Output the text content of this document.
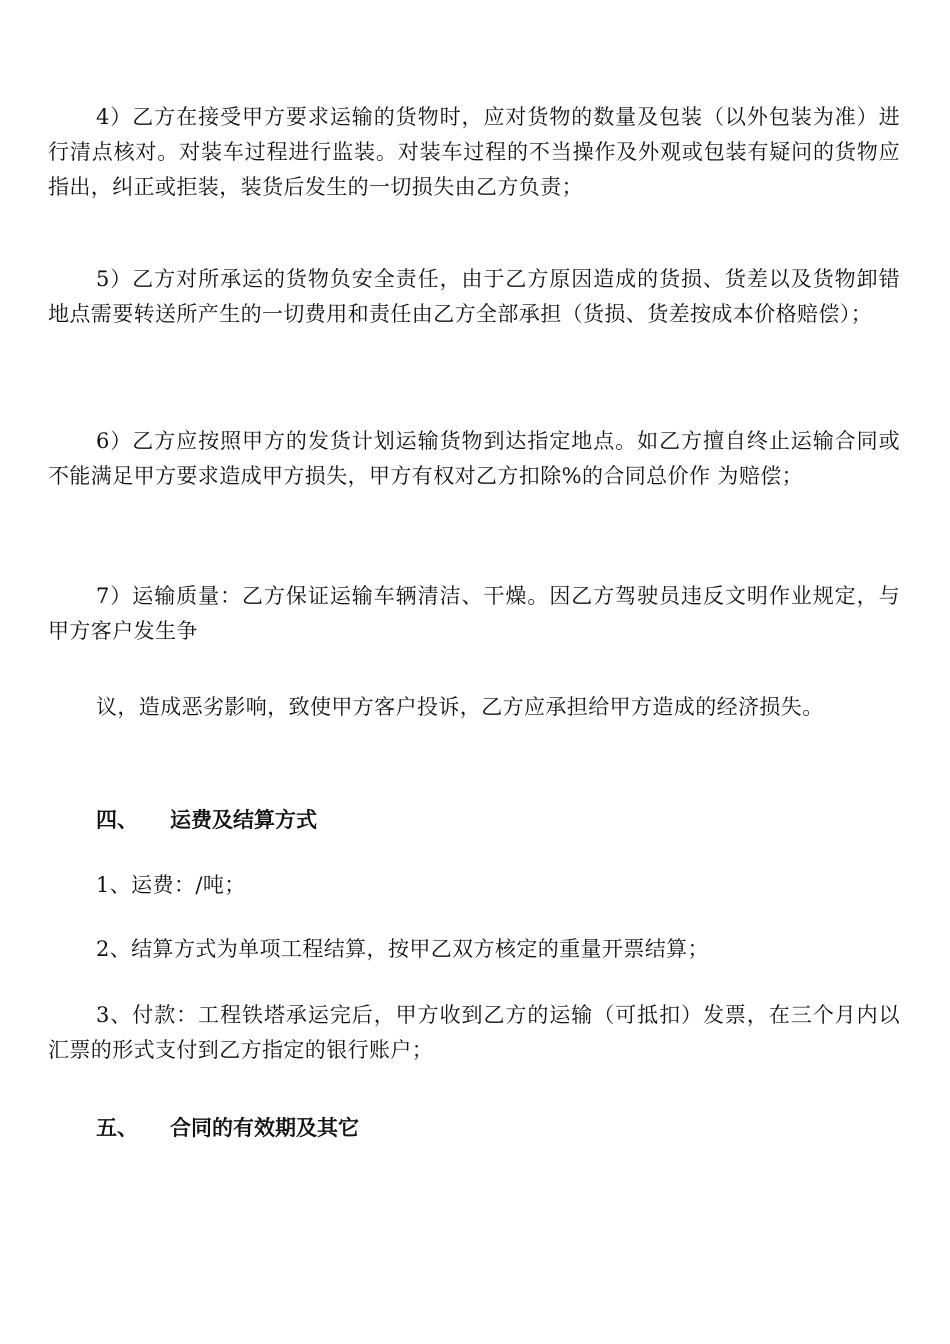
4）乙方在接受甲方要求运输的货物时，应对货物的数量及包装（以外包装为准）进行清点核对。对装车过程进行监装。对装车过程的不当操作及外观或包装有疑问的货物应指出，纠正或拒装，装货后发生的一切损失由乙方负责；
5）乙方对所承运的货物负安全责任，由于乙方原因造成的货损、货差以及货物卸错地点需要转送所产生的一切费用和责任由乙方全部承担（货损、货差按成本价格赔偿）；
6）乙方应按照甲方的发货计划运输货物到达指定地点。如乙方擅自终止运输合同或不能满足甲方要求造成甲方损失，甲方有权对乙方扣除%的合同总价作 为赔偿；
7）运输质量：乙方保证运输车辆清洁、干燥。因乙方驾驶员违反文明作业规定，与甲方客户发生争
议，造成恶劣影响，致使甲方客户投诉，乙方应承担给甲方造成的经济损失。
四、 运费及结算方式
1、运费：/吨；
2、结算方式为单项工程结算，按甲乙双方核定的重量开票结算；
3、付款：工程铁塔承运完后，甲方收到乙方的运输（可抵扣）发票，在三个月内以汇票的形式支付到乙方指定的银行账户；
五、 合同的有效期及其它
